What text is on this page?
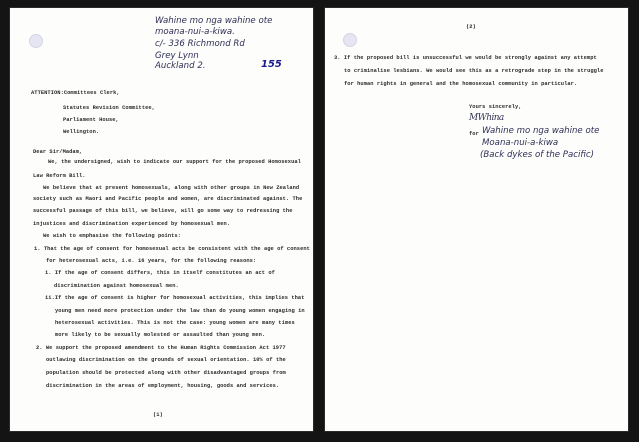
Wahine mo nga wahine ote
moana-nui-a-kiwa.
c/- 336 Richmond Rd
Grey Lynn
Auckland 2.	155
ATTENTION:Committees Clerk,
Statutes Revision Committee,
Parliament House,
Wellington.
Dear Sir/Madam,
We, the undersigned, wish to indicate our support for the proposed Homosexual
Law Reform Bill.
We believe that at present homosexuals, along with other groups in New Zealand
society such as Maori and Pacific people and women, are discriminated against. The
successful passage of this bill, we believe, will go some way to redressing the
injustices and discrimination experienced by homosexual men.
We wish to emphasise the following points:
1. That the age of consent for homosexual acts be consistent with the age of consent
for heterosexual acts, i.e. 16 years, for the following reasons:
i. If the age of consent differs, this in itself constitutes an act of
discrimination against homosexual men.
ii.If the age of consent is higher for homosexual activities, this implies that
young men need more protection under the law than do young women engaging in
heterosexual activities. This is not the case: young women are many times
more likely to be sexually molested or assaulted than young men.
2. We support the proposed amendment to the Human Rights Commission Act 1977
outlawing discrimination on the grounds of sexual orientation. 10% of the
population should be protected along with other disadvantaged groups from
discrimination in the areas of employment, housing, goods and services.
(1)
(2)
3. If the proposed bill is unsuccessful we would be strongly against any attempt
to criminalise lesbians. We would see this as a retrograde step in the struggle
for human rights in general and the homosexual community in particular.
Yours sincerely,
MWhina
for Wahine mo nga wahine ote
Moana-nui-a-kiwa
(Back dykes of the Pacific)
